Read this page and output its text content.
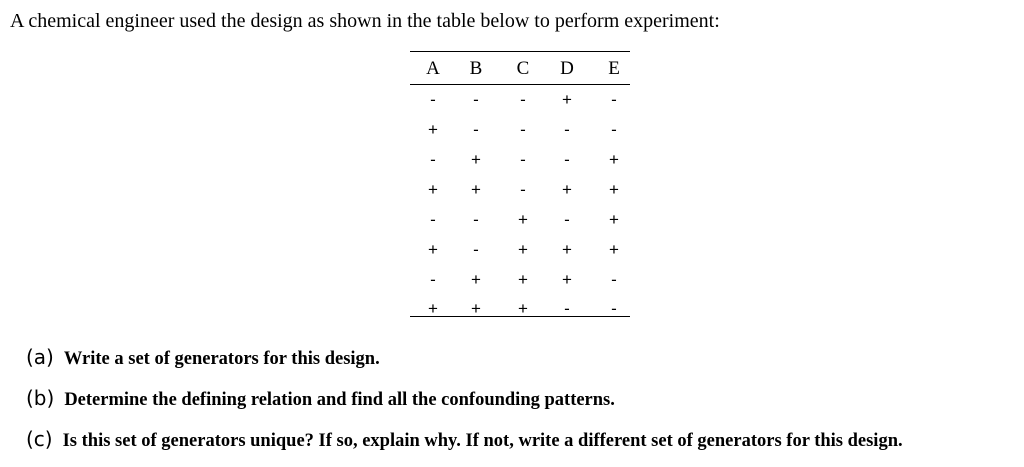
A chemical engineer used the design as shown in the table below to perform experiment:
A	B	C	D	E
-	-	-	+	-
+	-	-	-	-
-	+	-	-	+
+	+	-	+	+
-	-	+	-	+
+	-	+	+	+
-	+	+	+	-
+	+	+	-	-
(a) Write a set of generators for this design.
(b) Determine the defining relation and find all the confounding patterns.
(c) Is this set of generators unique? If so, explain why. If not, write a different set of generators for this design.
